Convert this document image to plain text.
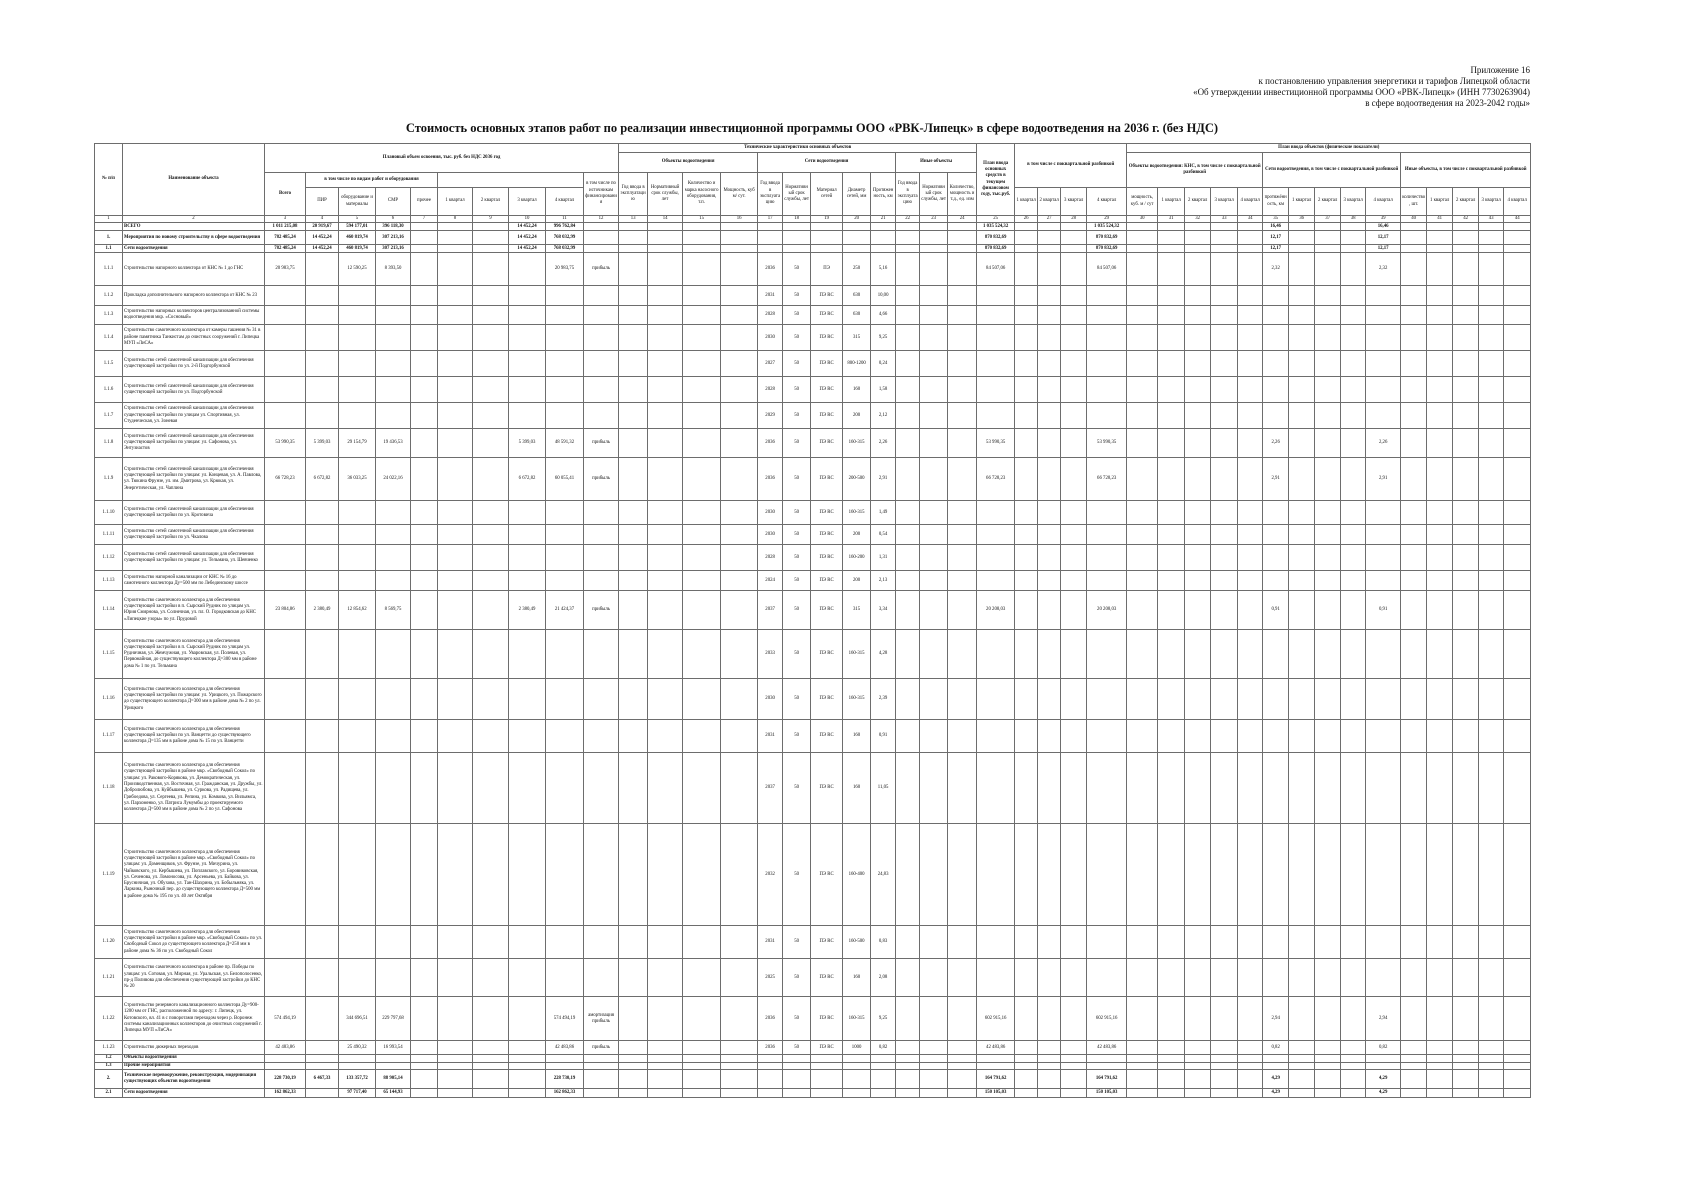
Приложение 16
к постановлению управления энергетики и тарифов Липецкой области
«Об утверждении инвестиционной программы ООО «РВК-Липецк» (ИНН 7730263904)
в сфере водоотведения на 2023-2042 годы»
Стоимость основных этапов работ по реализации инвестиционной программы ООО «РВК-Липецк» в сфере водоотведения на 2036 г. (без НДС)
№ п/п	Наименование объекта	Плановый объем освоения, тыс. руб. без НДС 2036 год										Технические характеристики основных объектов												План ввода основных средств в текущем финансовом году, тыс.руб.	в том числе с поквартальной разбивкой				План ввода объектов (физические показатели)														
												Объекты водоотведения				Сети водоотведения					Иные объекты								Объекты водоотведения: КНС, в том числе с поквартальной разбивкой					Сети водоотведения, в том числе с поквартальной разбивкой					Иные объекты, в том числе с поквартальной разбивкой				
		Всего	в том числе по видам работ и оборудования								в том числе по источникам финансирования	Год ввода в эксплуатацию	Нормативный срок службы, лет	Количество и марка насосного оборудования, т.п.	Мощность, куб м/ сут.	Год ввода в эксплуатацию	Нормативный срок службы, лет	Материал сетей	Диаметр сетей, мм	Протяженность, км	Год ввода в эксплуатацию	Нормативный срок службы, лет	Количество, мощность и т.д., ед. изм																				
			ПИР	оборудование и материалы	СМР	прочее	1 квартал	2 квартал	3 квартал	4 квартал															1 квартал	2 квартал	3 квартал	4 квартал	мощность, куб. м / сут	1 квартал	2 квартал	3 квартал	4 квартал	протяжённость, км	1 квартал	2 квартал	3 квартал	4 квартал	количество, шт.	1 квартал	2 квартал	3 квартал	4 квартал
1	2	3	4	5	6	7	8	9	10	11	12	13	14	15	16	17	18	19	20	21	22	23	24	25	26	27	28	29	30	31	32	33	34	35	36	37	38	39	40	41	42	43	44
	ВСЕГО	1 011 215,08	20 919,67	594 177,01	396 118,30				14 452,24	996 762,84														1 035 524,32				1 035 524,32						16,46				16,46					
1.	Мероприятия по новому строительству в сфере водоотведения	782 485,24	14 452,24	460 819,74	307 213,16				14 452,24	768 032,99														870 832,69				870 832,69						12,17				12,17					
1.1	Сети водоотведения	782 485,24	14 452,24	460 819,74	307 213,16				14 452,24	768 032,99														870 832,69				870 832,69						12,17				12,17					
1.1.1	Строительство напорного коллектора от КНС № 1 до ГНС	20 983,75		12 590,25	8 393,50					20 983,75	прибыль					2036	50	ПЭ	250	5,16				84 507,06				84 507,06						2,32				2,32					
1.1.2	Прокладка дополнительного напорного коллектора от КНС № 23															2031	50	ПЭ RC	630	10,00																							
1.1.3	Строительство напорных коллекторов централизованной системы водоотведения мкр. «Сосновый»															2028	50	ПЭ RC	630	4,66																							
1.1.4	Строительство самотечного коллектора от камеры гашения № 31 в районе памятника Танкистам до очистных сооружений г. Липецка МУП «ЛиСА»															2030	50	ПЭ RC	315	9,25																							
1.1.5	Строительство сетей самотечной канализации для обеспечения существующей застройки по ул. 2-й Подгорбунской															2027	50	ПЭ RC	800-1200	0,24																							
1.1.6	Строительство сетей самотечной канализации для обеспечения существующей застройки по ул. Подгорбунской															2028	50	ПЭ RC	160	1,58																							
1.1.7	Строительство сетей самотечной канализации для обеспечения существующей застройки по улицам ул. Спортивная, ул. Студенческая, ул. Зоневая															2029	50	ПЭ RC	200	2,12																							
1.1.8	Строительство сетей самотечной канализации для обеспечения существующей застройки по улицам: ул. Сафонова, ул. Энтузиастов	53 990,35	5 399,03	29 154,79	19 436,53				5 399,03	48 591,32	прибыль					2036	50	ПЭ RC	160-315	2,26				53 990,35				53 990,35						2,26				2,26					
1.1.9	Строительство сетей самотечной канализации для обеспечения существующей застройки по улицам: ул. Концевая, ул. А. Павлова, ул. Тюкина Фрунзе, ул. им. Дмитрова, ул. Крюкая, ул. Энергетическая, ул. Чаплина	66 728,23	6 672,82	36 033,25	24 022,16				6 672,82	60 055,41	прибыль					2036	50	ПЭ RC	200-500	2,91				66 728,23				66 728,23						2,91				2,91					
1.1.10	Строительство сетей самотечной канализации для обеспечения существующей застройки по ул. Кротовича															2030	50	ПЭ RC	160-315	1,49																							
1.1.11	Строительство сетей самотечной канализации для обеспечения существующей застройки по ул. Чкалова															2030	50	ПЭ RC	200	0,54																							
1.1.12	Строительство сетей самотечной канализации для обеспечения существующей застройки по улицам: ул. Тельмана, ул. Шевченко															2028	50	ПЭ RC	160-200	1,31																							
1.1.13	Строительство напорной канализации от КНС № 16 до самотечного коллектора Ду=500 мм по Лебединскому шоссе															2024	50	ПЭ RC	200	2,13																							
1.1.14	Строительство самотечного коллектора для обеспечения существующей застройки в п. Сырский Рудник по улицам ул. Юрия Смирнова, ул. Солнечная, ул. пл. О. Городковская до КНС «Липецкие узоры» по ул. Прудовой	23 804,86	2 380,49	12 854,62	8 569,75				2 380,49	21 424,37	прибыль					2037	50	ПЭ RC	315	3,34				20 208,03				20 208,03						0,91				0,91					
1.1.15	Строительство самотечного коллектора для обеспечения существующей застройки в п. Сырский Рудник по улицам ул. Рудничная, ул. Жемчужная, ул. Уваровская, ул. Полевая, ул. Первомайная, до существующего коллектора Д=300 мм в районе дома № 1 по ул. Тельмана															2033	50	ПЭ RC	160-315	4,28																							
1.1.16	Строительство самотечного коллектора для обеспечения существующей застройки по улицам: ул. Урицкого, ул. Пожарского до существующего коллектора Д=300 мм в районе дома № 2 по ул. Урицкого															2030	50	ПЭ RC	160-315	2,39																							
1.1.17	Строительство самотечного коллектора для обеспечения существующей застройки по ул. Ванцетти до существующего коллектора Д=135 мм в районе дома № 15 по ул. Ванцетти															2031	50	ПЭ RC	160	0,91																							
1.1.18	Строительство самотечного коллектора для обеспечения существующей застройки в районе мкр. «Свободный Сокол» по улицам: ул. Ракового-Корякова, ул. Демократическая, ул. Производственная, ул. Восточная, ул. Гражданская, ул. Дружбы, ул. Добролюбова, ул. Куйбышева, ул. Суркова, ул. Радищева, ул. Грибоедова, ул. Сергеева, ул. Репина, ул. Комкова, ул. Вильямса, ул. Пархоменко, ул. Патриса Лумумбы до проектируемого коллектора Д=500 мм в районе дома № 2 по ул. Сафонова															2037	50	ПЭ RC	160	11,05																							
1.1.19	Строительство самотечного коллектора для обеспечения существующей застройки в районе мкр. «Свободный Сокол» по улицам: ул. Доменщиков, ул. Фрунзе, ул. Мичурина, ул. Чайковского, ул. Кербышева, ул. Поплавского, ул. Боровиковская, ул. Сеченова, ул. Ломоносова, ул. Арсеньева, ул. Байкова, ул. Брусничная, ул. Обухова, ул. Тан-Шахрина, ул. Бобыльняка, ул. Ларкина, Рыночный пер. до существующего коллектора Д=500 мм в районе дома № 195 по ул. 40 лет Октября															2032	50	ПЭ RC	160-400	24,83																							
1.1.20	Строительство самотечного коллектора для обеспечения существующей застройки в районе мкр. «Свободный Сокол» по ул. Свободный Сокол до существующего коллектора Д=250 мм в районе дома № 36 по ул. Свободный Сокол															2031	50	ПЭ RC	160-500	0,83																							
1.1.21	Строительство самотечного коллектора в районе пр. Победы по улицам: ул. Сотовая, ул. Мирная, ул. Уральская, ул. Белополосенко, пр-д Поливова для обеспечения существующей застройки до КНС № 20															2025	50	ПЭ RC	160	2,08																							
1.1.22	Строительство резервного канализационного коллектора Ду=900-1200 мм от ГНС, расположенной по адресу: г. Липецк, ул. Котовского, вл. 41 в с поворотами переходом через р. Воронеж системы канализационных коллекторов до очистных сооружений г. Липецка МУП «ЛиСА»	574 494,19		344 696,51	229 797,68					574 494,19	амортизация прибыль					2036	50	ПЭ RC	160-315	9,25				602 915,16				602 915,16						2,94				2,94					
1.1.23	Строительство дюкерных переходов	42 483,86		25 490,32	16 993,54					42 483,86	прибыль					2036	50	ПЭ RC	1000	0,82				42 483,86				42 483,86						0,82				0,82					
1.2	Объекты водоотведения																																										
1.3	Прочие мероприятия																																										
2.	Техническое перевооружение, реконструкция, модернизация существующих объектов водоотведения	228 730,19	6 467,33	133 357,72	88 905,14					228 730,19														164 791,62				164 791,62						4,29				4,29					
2.1	Сети водоотведения	162 862,33		97 717,40	65 144,93					162 862,33														150 105,03				150 105,03						4,29				4,29					
